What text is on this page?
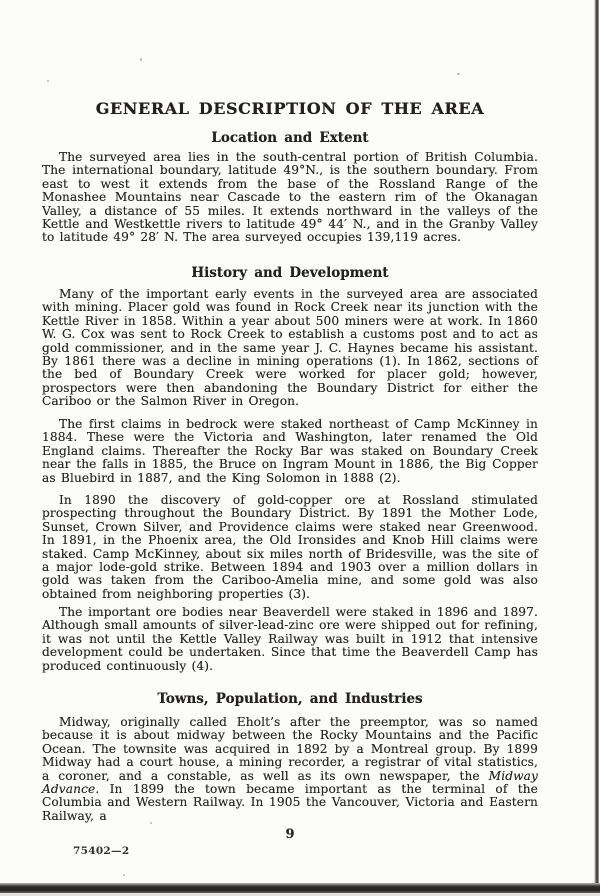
GENERAL DESCRIPTION OF THE AREA
Location and Extent

The surveyed area lies in the south-central portion of British Columbia. The international boundary, latitude 49°N., is the southern boundary. From east to west it extends from the base of the Rossland Range of the Monashee Mountains near Cascade to the eastern rim of the Okanagan Valley, a distance of 55 miles. It extends northward in the valleys of the Kettle and Westkettle rivers to latitude 49° 44′ N., and in the Granby Valley to latitude 49° 28′ N. The area surveyed occupies 139,119 acres.

History and Development

Many of the important early events in the surveyed area are associated with mining. Placer gold was found in Rock Creek near its junction with the Kettle River in 1858. Within a year about 500 miners were at work. In 1860 W. G. Cox was sent to Rock Creek to establish a customs post and to act as gold commissioner, and in the same year J. C. Haynes became his assistant. By 1861 there was a decline in mining operations (1). In 1862, sections of the bed of Boundary Creek were worked for placer gold; however, prospectors were then abandoning the Boundary District for either the Cariboo or the Salmon River in Oregon.

The first claims in bedrock were staked northeast of Camp McKinney in 1884. These were the Victoria and Washington, later renamed the Old England claims. Thereafter the Rocky Bar was staked on Boundary Creek near the falls in 1885, the Bruce on Ingram Mount in 1886, the Big Copper as Bluebird in 1887, and the King Solomon in 1888 (2).

In 1890 the discovery of gold-copper ore at Rossland stimulated prospecting throughout the Boundary District. By 1891 the Mother Lode, Sunset, Crown Silver, and Providence claims were staked near Greenwood. In 1891, in the Phoenix area, the Old Ironsides and Knob Hill claims were staked. Camp McKinney, about six miles north of Bridesville, was the site of a major lode-gold strike. Between 1894 and 1903 over a million dollars in gold was taken from the Cariboo-Amelia mine, and some gold was also obtained from neighboring properties (3).

The important ore bodies near Beaverdell were staked in 1896 and 1897. Although small amounts of silver-lead-zinc ore were shipped out for refining, it was not until the Kettle Valley Railway was built in 1912 that intensive development could be undertaken. Since that time the Beaverdell Camp has produced continuously (4).

Towns, Population, and Industries

Midway, originally called Eholt’s after the preemptor, was so named because it is about midway between the Rocky Mountains and the Pacific Ocean. The townsite was acquired in 1892 by a Montreal group. By 1899 Midway had a court house, a mining recorder, a registrar of vital statistics, a coroner, and a constable, as well as its own newspaper, the Midway Advance. In 1899 the town became important as the terminal of the Columbia and Western Railway. In 1905 the Vancouver, Victoria and Eastern Railway, a

9
75402—2
